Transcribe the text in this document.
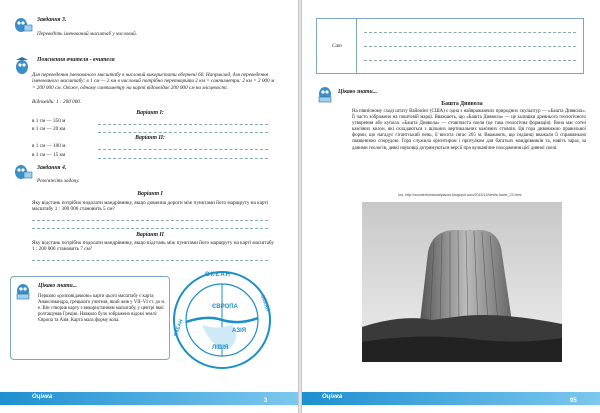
Завдання 3.
Переведіть іменований масштаб у числовий.
Пояснення вчителя - вчителя
Для переведення іменованого масштабу в числовий використати обернені 60. Наприклад, для переведення іменованого масштабу: в 1 см — 2 км в числовий потрібно перетворити 2 км = сантиметри: 2 км = 2 000 м = 200 000 см. Отже, одному сантиметру на карті відповідає 200 000 см на місцевості.
Відповідь: 1 : 200 000.
Варіант I:
в 1 см — 350 м
в 1 см — 20 км
Варіант II:
в 1 см — 100 м
в 1 см — 15 км
Завдання 4.
Розв'яжіть задачу.
Варіант I
Яку відстань потрібно подолати мандрівнику, якщо довжина дороги між пунктами його маршруту на карті масштабу 1 : 300 000 становить 5 см?
Варіант II
Яку відстань потрібно подолати мандрівнику, якщо відстань між пунктами його маршруту на карті масштабу 1 : 200 000 становить 7 см?
Цікаво знати...
Першою «розповідачкою» карти цього масштабу є карта Анаксимандра, грецького учителя, який жив у VII–VI ст. до н. е. Він створив карту з використанням масштабу, у центрі якої розташував Грецію. Навколо було зображено відомі землі: Європа та Азія. Карта мала форму кола.
ОКЕАН
ОКЕАН
ОКЕАН
ЄВРОПА
АЗІЯ
ЛІВІЯ
Оцінка
3
Cam
Цікаво знати...
Башта Диявола
На північному сході штату Вайомінг (США) є одна з найвражаючих природних скульптур — «Башта Диявола». Її часто зображено на поштовій марці. Вважають, що «Башта Диявола» — це залишки древнього геологічного утворення або купола. «Башта Диявола» — стовпчаста скеля (це така геологічна формація). Вона має сотні кам'яних колон, які складаються з щільних вертикальних кам'яних стовпів. Ця гора дивовижно правильної форми, що нагадує гігантський пень, її висота сягає 265 м. Вважають, що індіанці вважали її справжньою священною спорудою. Гора служила орієнтиром і притулком для багатьох мандрівників та, навіть зараз, за даними геологів, деякі науковці дотримуються версії про вулканічне походження цієї дивної скелі.
Ілл. http://wonderfulnaturalplaces.blogspot.com/2015/12/devils-tower_23.html
Оцінка
95
